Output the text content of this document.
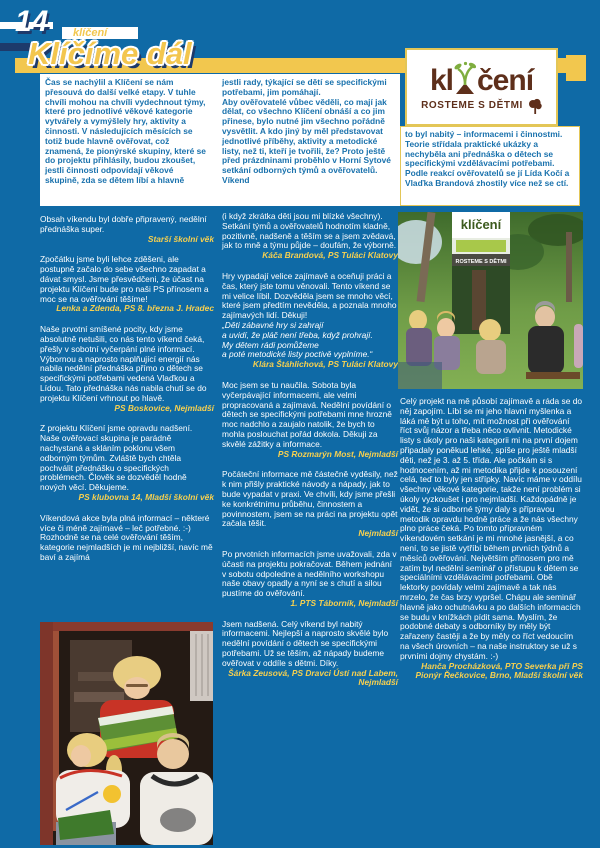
14 klíčení
Klíčíme dál
kl čení
ROSTEME S DĚTMI

Čas se nachýlil a Klíčení se nám přesouvá do další velké etapy. V tuhle chvíli mohou na chvíli vydechnout týmy, které pro jednotlivé věkové kategorie vytvářely a vymýšlely hry, aktivity a činnosti. V následujících měsících se totiž bude hlavně ověřovat, což znamená, že pionýrské skupiny, které se do projektu přihlásily, budou zkoušet, jestli činnosti odpovídají věkové skupině, zda se dětem líbí a hlavně

jestli rady, týkající se dětí se specifickými potřebami, jim pomáhají.

Aby ověřovatelé vůbec věděli, co mají jak dělat, co všechno Klíčení obnáší a co jim přinese, bylo nutné jim všechno pořádně vysvětlit. A kdo jiný by měl představovat jednotlivé příběhy, aktivity a metodické listy, než ti, kteří je tvořili, že? Proto ještě před prázdninami proběhlo v Horní Sytové setkání odborných týmů a ověřovatelů. Víkend

to byl nabitý – informacemi i činnostmi. Teorie střídala praktické ukázky a nechyběla ani přednáška o dětech se specifickými vzdělávacími potřebami. Podle reakcí ověřovatelů se jí Lída Kočí a Vlaďka Brandová zhostily více než se ctí.

Obsah víkendu byl dobře připravený, nedělní přednáška super.

Starší školní věk

Zpočátku jsme byli lehce zděšeni, ale postupně začalo do sebe všechno zapadat a dávat smysl. Jsme přesvědčeni, že účast na projektu Klíčení bude pro naši PS přínosem a moc se na ověřování těšíme!

Lenka a Zdenda, PS 8. března J. Hradec

Naše prvotní smíšené pocity, kdy jsme absolutně netušili, co nás tento víkend čeká, přešly v sobotní vyčerpání plné informací. Výbornou a naprosto naplňující energií nás nabila nedělní přednáška přímo o dětech se specifickými potřebami vedená Vlaďkou a Lídou. Tato přednáška nás nabila chutí se do projektu Klíčení vrhnout po hlavě.

PS Boskovice, Nejmladší

Z projektu Klíčení jsme opravdu nadšení. Naše ověřovací skupina je parádně nachystaná a skláním poklonu všem odborným týmům. Zvláště bych chtěla pochválit přednášku o specifických problémech. Člověk se dozvěděl hodně nových věcí. Děkujeme.

PS klubovna 14, Mladší školní věk

Víkendová akce byla plná informací – některé více či méně zajímavé – leč potřebné. :-) Rozhodně se na celé ověřování těším, kategorie nejmladších je mi nejbližší, navíc mě baví a zajímá

(i když zkrátka děti jsou mi blízké všechny). Setkání týmů a ověřovatelů hodnotím kladně, pozitivně, nadšeně a těším se a jsem zvědavá, jak to mně a týmu půjde – doufám, že výborně.

Káča Brandová, PS Tuláci Klatovy

Hry vypadají velice zajímavě a oceňuji práci a čas, který jste tomu věnovali. Tento víkend se mi velice líbil. Dozvěděla jsem se mnoho věcí, které jsem předtím nevěděla, a poznala mnoho zajímavých lidí. Děkuji!

„Děti zábavné hry si zahrají

a uvidí, že pláč není třeba, když prohrají.

My dětem rádi pomůžeme

a poté metodické listy poctivě vyplníme.“

Klára Štáhlichová, PS Tuláci Klatovy

Moc jsem se tu naučila. Sobota byla vyčerpávající informacemi, ale velmi propracovaná a zajímavá. Nedělní povídání o dětech se specifickými potřebami mne hrozně moc nadchlo a zaujalo natolik, že bych to mohla poslouchat pořád dokola. Děkuji za skvělé zážitky a informace.

PS Rozmarýn Most, Nejmladší

Počáteční informace mě částečně vyděsily, než k nim přišly praktické návody a nápady, jak to bude vypadat v praxi. Ve chvíli, kdy jsme přešli ke konkrétnímu průběhu, činnostem a povinnostem, jsem se na práci na projektu opět začala těšit.

Nejmladší

Po prvotních informacích jsme uvažovali, zda v účasti na projektu pokračovat. Během jednání v sobotu odpoledne a nedělního workshopu naše obavy opadly a nyní se s chutí a silou pustíme do ověřování.

1. PTS Táborník, Nejmladší

Jsem nadšená. Celý víkend byl nabitý informacemi. Nejlepší a naprosto skvělé bylo nedělní povídání o dětech se specifickými potřebami. Už se těším, až nápady budeme ověřovat v oddíle s dětmi. Díky.

Šárka Zeusová, PS Dravci Ústí nad Labem, Nejmladší

Celý projekt na mě působí zajímavě a ráda se do něj zapojím. Líbí se mi jeho hlavní myšlenka a láká mě být u toho, mít možnost při ověřování říct svůj názor a třeba něco ovlivnit. Metodické listy s úkoly pro naši kategorii mi na první dojem připadaly poněkud lehké, spíše pro ještě mladší děti, než je 3. až 5. třída. Ale počkám si s hodnocením, až mi metodika přijde k posouzení celá, teď to byly jen střípky. Navíc máme v oddílu všechny věkové kategorie, takže není problém si úkoly vyzkoušet i pro nejmladší. Každopádně je vidět, že si odborné týmy daly s přípravou metodik opravdu hodně práce a že nás všechny plno práce čeká. Po tomto přípravném víkendovém setkání je mi mnohé jasnější, a co není, to se jistě vytříbí během prvních týdnů a měsíců ověřování. Největším přínosem pro mě zatím byl nedělní seminář o přístupu k dětem se speciálními vzdělávacími potřebami. Obě lektorky povídaly velmi zajímavě a tak nás mrzelo, že čas brzy vypršel. Chápu ale seminář hlavně jako ochutnávku a po dalších informacích se budu v knížkách pídit sama. Myslím, že podobné debaty s odborníky by měly být zařazeny častěji a že by měly co říct vedoucím na všech úrovních – na naše instruktory se už s prvními dojmy chystám. :-)

Hanča Procházková, PTO Severka při PS Pionýr Řečkovice, Brno, Mladší školní věk

klíčení
ROSTEME S DĚTMI
